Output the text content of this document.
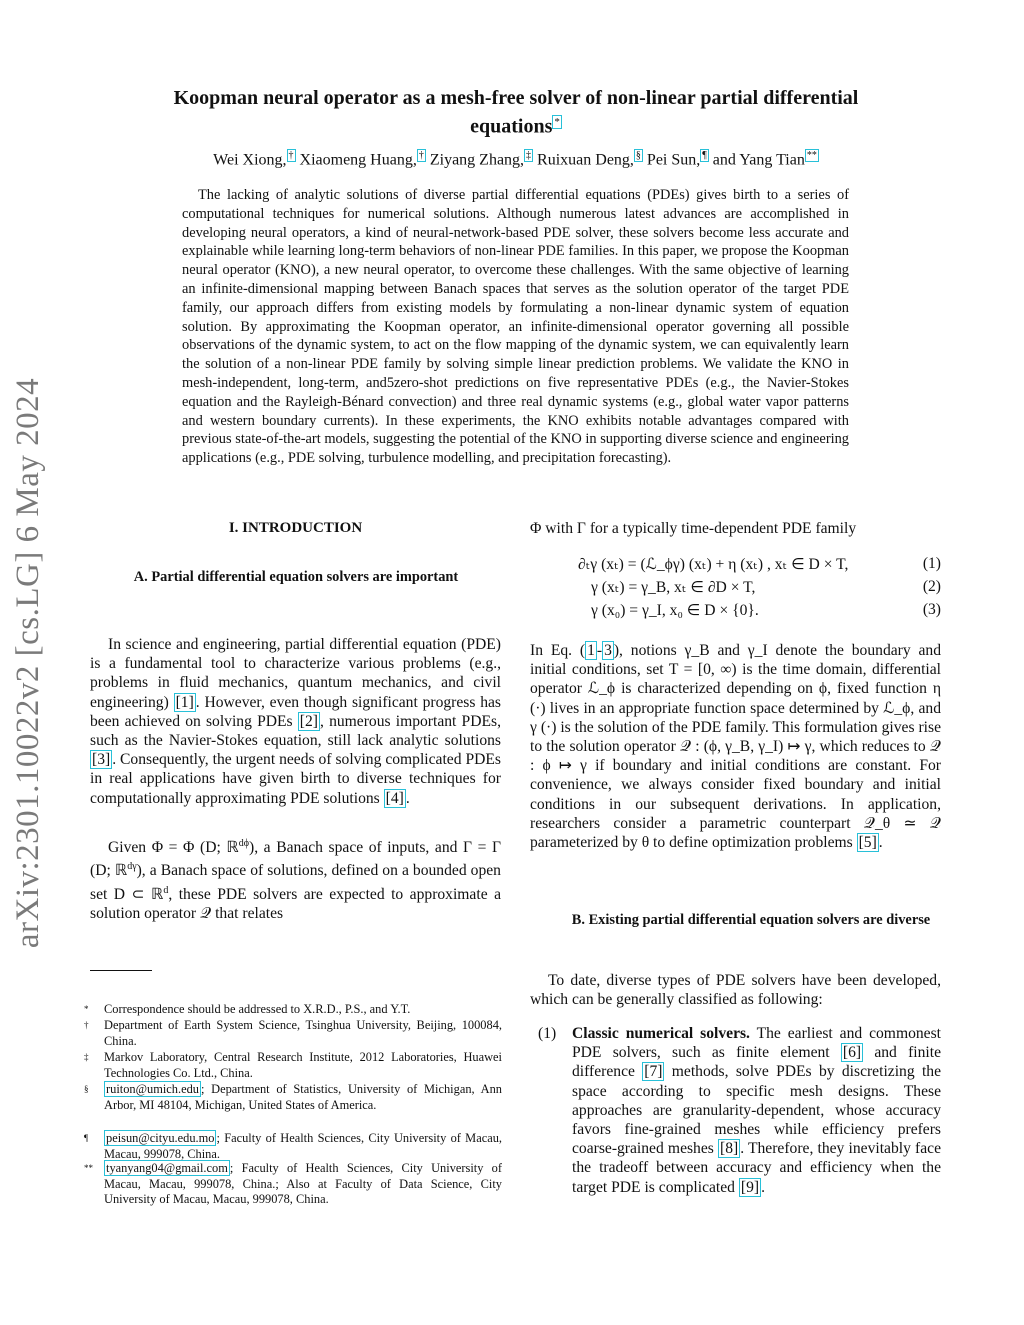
arXiv:2301.10022v2 [cs.LG] 6 May 2024
Koopman neural operator as a mesh-free solver of non-linear partial differential
equations *
Wei Xiong, † Xiaomeng Huang, † Ziyang Zhang, ‡ Ruixuan Deng, § Pei Sun, ¶ and Yang Tian **
The lacking of analytic solutions of diverse partial differential equations (PDEs) gives birth to a series of computational techniques for numerical solutions. Although numerous latest advances are accomplished in developing neural operators, a kind of neural-network-based PDE solver, these solvers become less accurate and explainable while learning long-term behaviors of non-linear PDE families. In this paper, we propose the Koopman neural operator (KNO), a new neural operator, to overcome these challenges. With the same objective of learning an infinite-dimensional mapping between Banach spaces that serves as the solution operator of the target PDE family, our approach differs from existing models by formulating a non-linear dynamic system of equation solution. By approximating the Koopman operator, an infinite-dimensional operator governing all possible observations of the dynamic system, to act on the flow mapping of the dynamic system, we can equivalently learn the solution of a non-linear PDE family by solving simple linear prediction problems. We validate the KNO in mesh-independent, long-term, and5zero-shot predictions on five representative PDEs (e.g., the Navier-Stokes equation and the Rayleigh-Bénard convection) and three real dynamic systems (e.g., global water vapor patterns and western boundary currents). In these experiments, the KNO exhibits notable advantages compared with previous state-of-the-art models, suggesting the potential of the KNO in supporting diverse science and engineering applications (e.g., PDE solving, turbulence modelling, and precipitation forecasting).
I. INTRODUCTION
A. Partial differential equation solvers are important

In science and engineering, partial differential equation (PDE) is a fundamental tool to characterize various problems (e.g., problems in fluid mechanics, quantum mechanics, and civil engineering) [1] . However, even though significant progress has been achieved on solving PDEs [2] , numerous important PDEs, such as the Navier-Stokes equation, still lack analytic solutions [3] . Consequently, the urgent needs of solving complicated PDEs in real applications have given birth to diverse techniques for computationally approximating PDE solutions [4] .

Given Φ = Φ (D; ℝ$^{d\phi}$), a Banach space of inputs, and Γ = Γ (D; ℝ$^{d\gamma}$), a Banach space of solutions, defined on a bounded open set D ⊂ ℝ$^d$, these PDE solvers are expected to approximate a solution operator 𝒬 that relates

* Correspondence should be addressed to X.R.D., P.S., and Y.T.
† Department of Earth System Science, Tsinghua University, Beijing, 100084, China.
‡ Markov Laboratory, Central Research Institute, 2012 Laboratories, Huawei Technologies Co. Ltd., China.
§ ruiton@umich.edu ; Department of Statistics, University of Michigan, Ann Arbor, MI 48104, Michigan, United States of America.
¶ peisun@cityu.edu.mo ; Faculty of Health Sciences, City University of Macau, Macau, 999078, China.
** tyanyang04@gmail.com ; Faculty of Health Sciences, City University of Macau, Macau, 999078, China.; Also at Faculty of Data Science, City University of Macau, Macau, 999078, China.
Φ with Γ for a typically time-dependent PDE family
∂ₜγ (xₜ) = (ℒ_ϕγ) (xₜ) + η (xₜ) , xₜ ∈ D × T,	(1)
γ (xₜ) = γ_B, xₜ ∈ ∂D × T,	(2)
γ (x₀) = γ_I, x₀ ∈ D × {0}.	(3)

In Eq. ( 1 - 3 ), notions γ_B and γ_I denote the boundary and initial conditions, set T = [0, ∞) is the time domain, differential operator ℒ_ϕ is characterized depending on ϕ, fixed function η (·) lives in an appropriate function space determined by ℒ_ϕ, and γ (·) is the solution of the PDE family. This formulation gives rise to the solution operator 𝒬 : (ϕ, γ_B, γ_I) ↦ γ, which reduces to 𝒬 : ϕ ↦ γ if boundary and initial conditions are constant. For convenience, we always consider fixed boundary and initial conditions in our subsequent derivations. In application, researchers consider a parametric counterpart 𝒬_θ ≃ 𝒬 parameterized by θ to define optimization problems [5] .

B. Existing partial differential equation solvers are diverse

To date, diverse types of PDE solvers have been developed, which can be generally classified as following:

(1) Classic numerical solvers. The earliest and commonest PDE solvers, such as finite element [6] and finite difference [7] methods, solve PDEs by discretizing the space according to specific mesh designs. These approaches are granularity-dependent, whose accuracy favors fine-grained meshes while efficiency prefers coarse-grained meshes [8] . Therefore, they inevitably face the tradeoff between accuracy and efficiency when the target PDE is complicated [9] .
